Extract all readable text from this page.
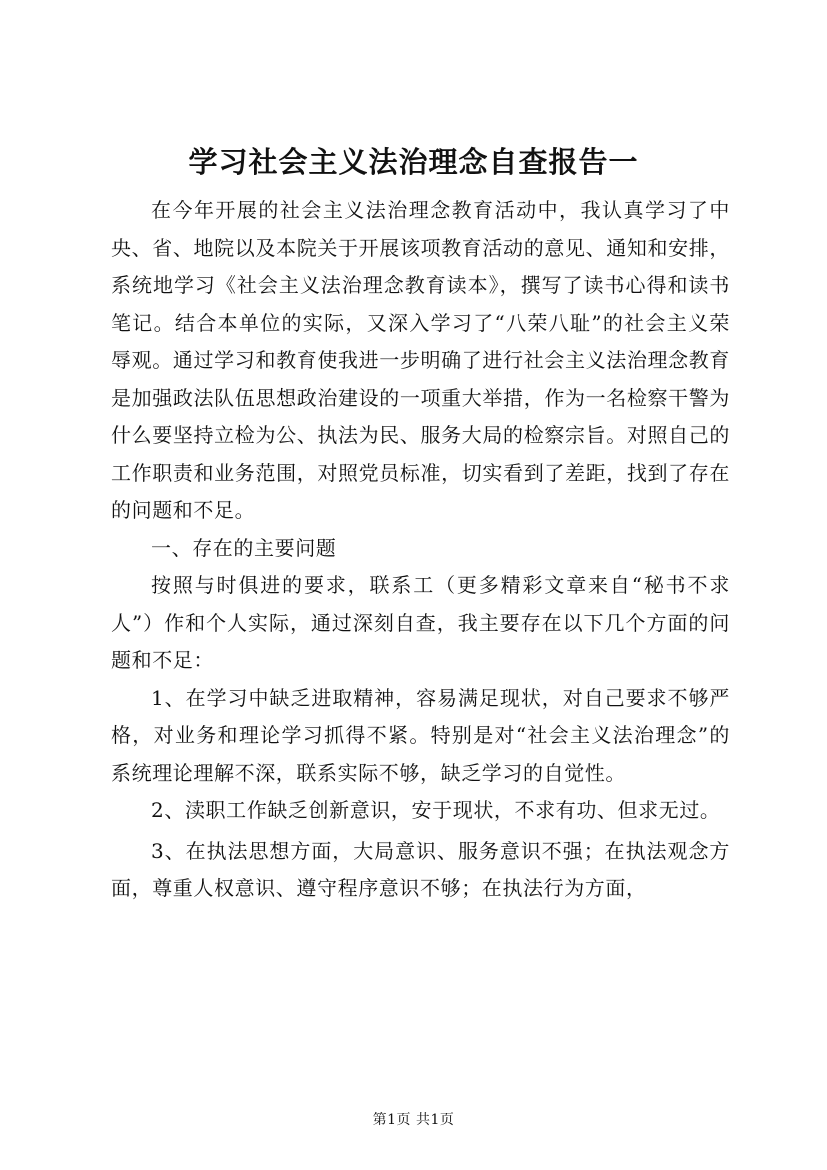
学习社会主义法治理念自查报告一

在今年开展的社会主义法治理念教育活动中，我认真学习了中央、省、地院以及本院关于开展该项教育活动的意见、通知和安排，系统地学习《社会主义法治理念教育读本》，撰写了读书心得和读书笔记。结合本单位的实际，又深入学习了“八荣八耻”的社会主义荣辱观。通过学习和教育使我进一步明确了进行社会主义法治理念教育是加强政法队伍思想政治建设的一项重大举措，作为一名检察干警为什么要坚持立检为公、执法为民、服务大局的检察宗旨。对照自己的工作职责和业务范围，对照党员标准，切实看到了差距，找到了存在的问题和不足。

一、存在的主要问题

按照与时俱进的要求，联系工（更多精彩文章来自“秘书不求人”）作和个人实际，通过深刻自查，我主要存在以下几个方面的问题和不足：

1、在学习中缺乏进取精神，容易满足现状，对自己要求不够严格，对业务和理论学习抓得不紧。特别是对“社会主义法治理念”的系统理论理解不深，联系实际不够，缺乏学习的自觉性。

2、渎职工作缺乏创新意识，安于现状，不求有功、但求无过。

3、在执法思想方面，大局意识、服务意识不强；在执法观念方面，尊重人权意识、遵守程序意识不够；在执法行为方面，

第1页 共1页
